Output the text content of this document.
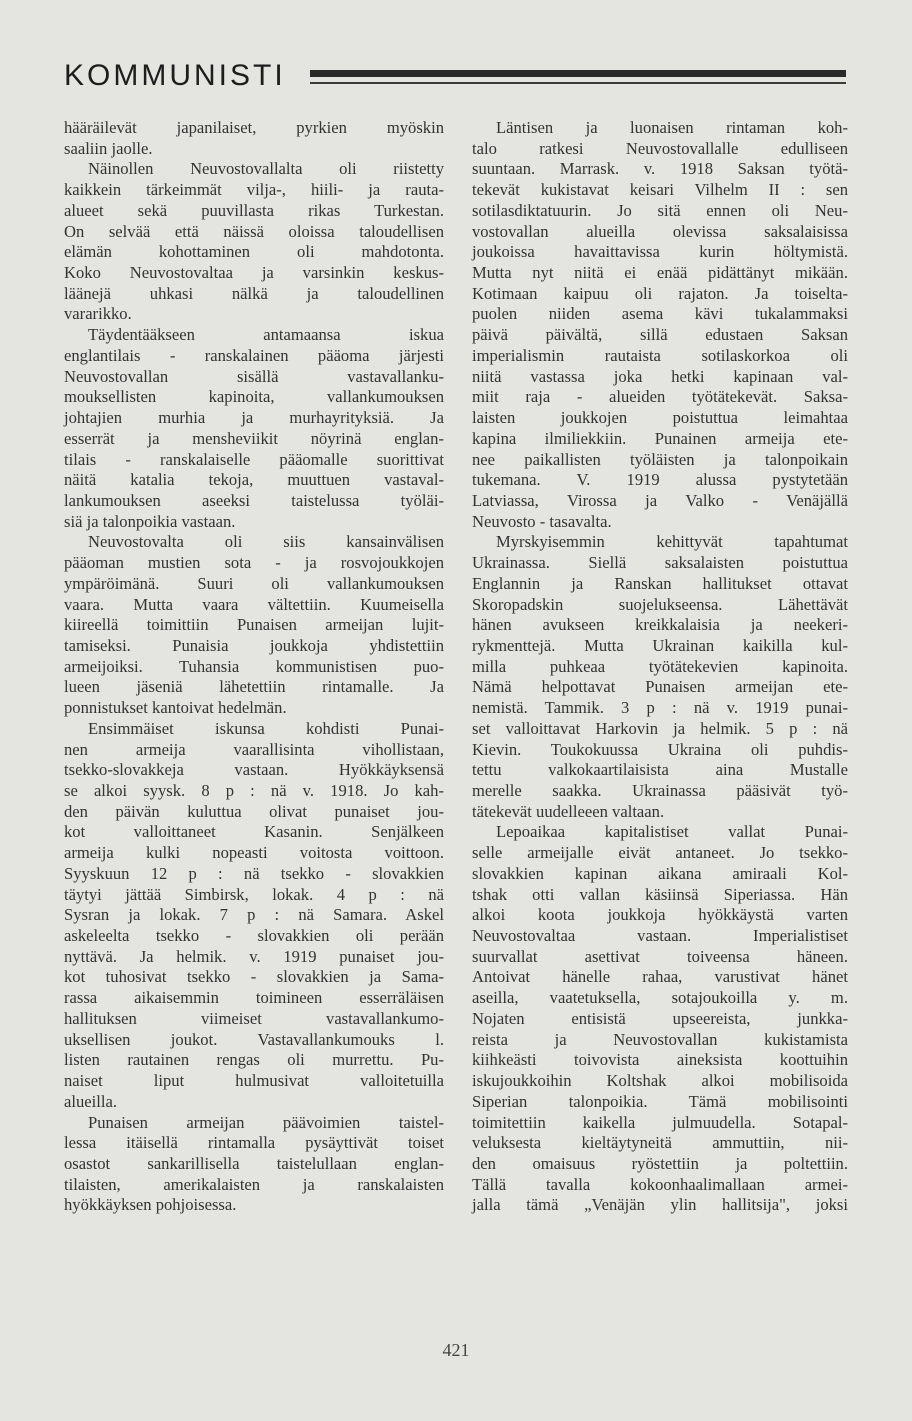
KOMMUNISTI
hääräilevät japanilaiset, pyrkien myöskin
saaliin jaolle.
Näinollen Neuvostovallalta oli riistetty
kaikkein tärkeimmät vilja-, hiili- ja rauta-
alueet sekä puuvillasta rikas Turkestan.
On selvää että näissä oloissa taloudellisen
elämän kohottaminen oli mahdotonta.
Koko Neuvostovaltaa ja varsinkin keskus-
läänejä uhkasi nälkä ja taloudellinen
vararikko.
Täydentääkseen antamaansa iskua
englantilais - ranskalainen pääoma järjesti
Neuvostovallan sisällä vastavallanku-
mouksellisten kapinoita, vallankumouksen
johtajien murhia ja murhayrityksiä. Ja
esserrät ja mensheviikit nöyrinä englan-
tilais - ranskalaiselle pääomalle suorittivat
näitä katalia tekoja, muuttuen vastaval-
lankumouksen aseeksi taistelussa työläi-
siä ja talonpoikia vastaan.
Neuvostovalta oli siis kansainvälisen
pääoman mustien sota - ja rosvojoukkojen
ympäröimänä. Suuri oli vallankumouksen
vaara. Mutta vaara vältettiin. Kuumeisella
kiireellä toimittiin Punaisen armeijan lujit-
tamiseksi. Punaisia joukkoja yhdistettiin
armeijoiksi. Tuhansia kommunistisen puo-
lueen jäseniä lähetettiin rintamalle. Ja
ponnistukset kantoivat hedelmän.
Ensimmäiset iskunsa kohdisti Punai-
nen armeija vaarallisinta vihollistaan,
tsekko-slovakkeja vastaan. Hyökkäyksensä
se alkoi syysk. 8 p : nä v. 1918. Jo kah-
den päivän kuluttua olivat punaiset jou-
kot valloittaneet Kasanin. Senjälkeen
armeija kulki nopeasti voitosta voittoon.
Syyskuun 12 p : nä tsekko - slovakkien
täytyi jättää Simbirsk, lokak. 4 p : nä
Sysran ja lokak. 7 p : nä Samara. Askel
askeleelta tsekko - slovakkien oli perään
nyttävä. Ja helmik. v. 1919 punaiset jou-
kot tuhosivat tsekko - slovakkien ja Sama-
rassa aikaisemmin toimineen esserräläisen
hallituksen viimeiset vastavallankumo-
uksellisen joukot. Vastavallankumouks l.
listen rautainen rengas oli murrettu. Pu-
naiset liput hulmusivat valloitetuilla
alueilla.
Punaisen armeijan päävoimien taistel-
lessa itäisellä rintamalla pysäyttivät toiset
osastot sankarillisella taistelullaan englan-
tilaisten, amerikalaisten ja ranskalaisten
hyökkäyksen pohjoisessa.
Läntisen ja luonaisen rintaman koh-
talo ratkesi Neuvostovallalle edulliseen
suuntaan. Marrask. v. 1918 Saksan työtä-
tekevät kukistavat keisari Vilhelm II : sen
sotilasdiktatuurin. Jo sitä ennen oli Neu-
vostovallan alueilla olevissa saksalaisissa
joukoissa havaittavissa kurin höltymistä.
Mutta nyt niitä ei enää pidättänyt mikään.
Kotimaan kaipuu oli rajaton. Ja toiselta-
puolen niiden asema kävi tukalammaksi
päivä päivältä, sillä edustaen Saksan
imperialismin rautaista sotilaskorkoa oli
niitä vastassa joka hetki kapinaan val-
miit raja - alueiden työtätekevät. Saksa-
laisten joukkojen poistuttua leimahtaa
kapina ilmiliekkiin. Punainen armeija ete-
nee paikallisten työläisten ja talonpoikain
tukemana. V. 1919 alussa pystytetään
Latviassa, Virossa ja Valko - Venäjällä
Neuvosto - tasavalta.
Myrskyisemmin kehittyvät tapahtumat
Ukrainassa. Siellä saksalaisten poistuttua
Englannin ja Ranskan hallitukset ottavat
Skoropadskin suojelukseensa. Lähettävät
hänen avukseen kreikkalaisia ja neekeri-
rykmenttejä. Mutta Ukrainan kaikilla kul-
milla puhkeaa työtätekevien kapinoita.
Nämä helpottavat Punaisen armeijan ete-
nemistä. Tammik. 3 p : nä v. 1919 punai-
set valloittavat Harkovin ja helmik. 5 p : nä
Kievin. Toukokuussa Ukraina oli puhdis-
tettu valkokaartilaisista aina Mustalle
merelle saakka. Ukrainassa pääsivät työ-
tätekevät uudelleeen valtaan.
Lepoaikaa kapitalistiset vallat Punai-
selle armeijalle eivät antaneet. Jo tsekko-
slovakkien kapinan aikana amiraali Kol-
tshak otti vallan käsiinsä Siperiassa. Hän
alkoi koota joukkoja hyökkäystä varten
Neuvostovaltaa vastaan. Imperialistiset
suurvallat asettivat toiveensa häneen.
Antoivat hänelle rahaa, varustivat hänet
aseilla, vaatetuksella, sotajoukoilla y. m.
Nojaten entisistä upseereista, junkka-
reista ja Neuvostovallan kukistamista
kiihkeästi toivovista aineksista koottuihin
iskujoukkoihin Koltshak alkoi mobilisoida
Siperian talonpoikia. Tämä mobilisointi
toimitettiin kaikella julmuudella. Sotapal-
veluksesta kieltäytyneitä ammuttiin, nii-
den omaisuus ryöstettiin ja poltettiin.
Tällä tavalla kokoonhaalimallaan armei-
jalla tämä „Venäjän ylin hallitsija", joksi
421
